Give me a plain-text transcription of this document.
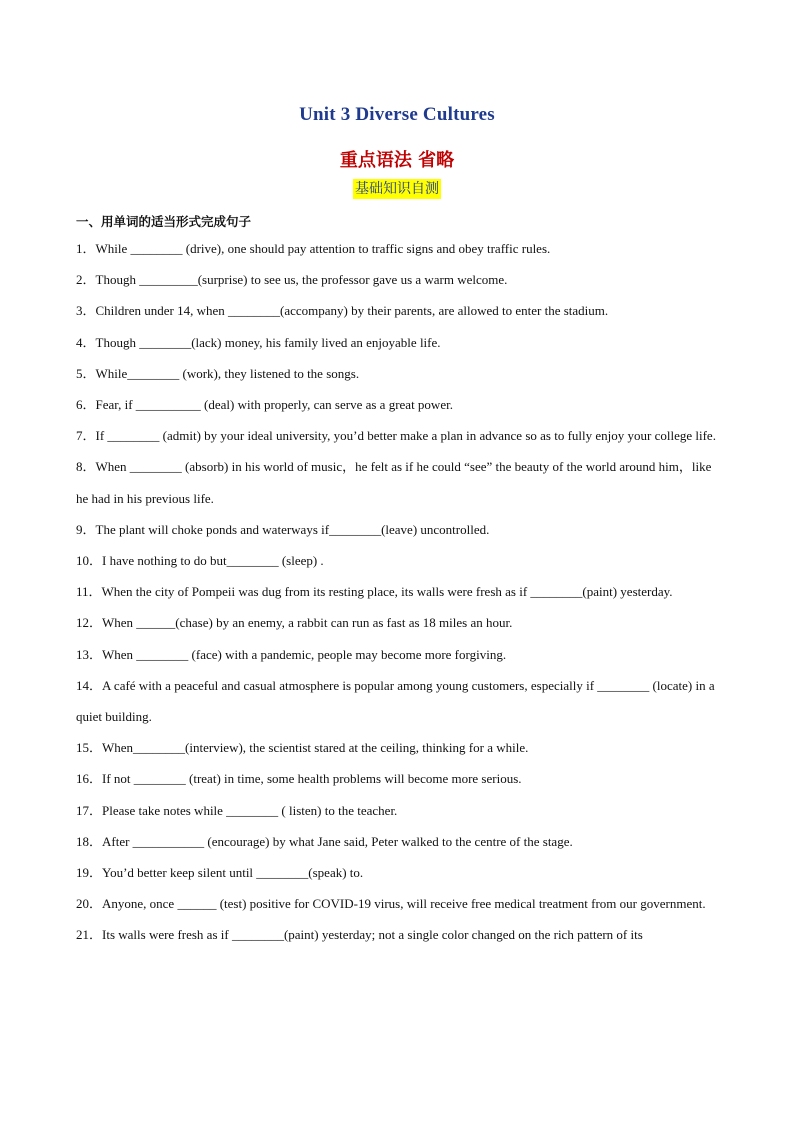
Unit 3 Diverse Cultures
重点语法 省略
基础知识自测
一、用单词的适当形式完成句子

1．While ________ (drive), one should pay attention to traffic signs and obey traffic rules.

2．Though _________(surprise) to see us, the professor gave us a warm welcome.

3．Children under 14, when ________(accompany) by their parents, are allowed to enter the stadium.

4．Though ________(lack) money, his family lived an enjoyable life.

5．While________ (work), they listened to the songs.

6．Fear, if __________ (deal) with properly, can serve as a great power.

7．If ________ (admit) by your ideal university, you’d better make a plan in advance so as to fully enjoy your college life.

8．When ________ (absorb) in his world of music，he felt as if he could “see” the beauty of the world around him，like he had in his previous life.

9．The plant will choke ponds and waterways if________(leave) uncontrolled.

10．I have nothing to do but________ (sleep) .

11．When the city of Pompeii was dug from its resting place, its walls were fresh as if ________(paint) yesterday.

12．When ______(chase) by an enemy, a rabbit can run as fast as 18 miles an hour.

13．When ________ (face) with a pandemic, people may become more forgiving.

14．A café with a peaceful and casual atmosphere is popular among young customers, especially if ________ (locate) in a quiet building.

15．When________(interview), the scientist stared at the ceiling, thinking for a while.

16．If not ________ (treat) in time, some health problems will become more serious.

17．Please take notes while ________ ( listen) to the teacher.

18．After ___________ (encourage) by what Jane said, Peter walked to the centre of the stage.

19．You’d better keep silent until ________(speak) to.

20．Anyone, once ______ (test) positive for COVID-19 virus, will receive free medical treatment from our government.

21．Its walls were fresh as if ________(paint) yesterday; not a single color changed on the rich pattern of its
